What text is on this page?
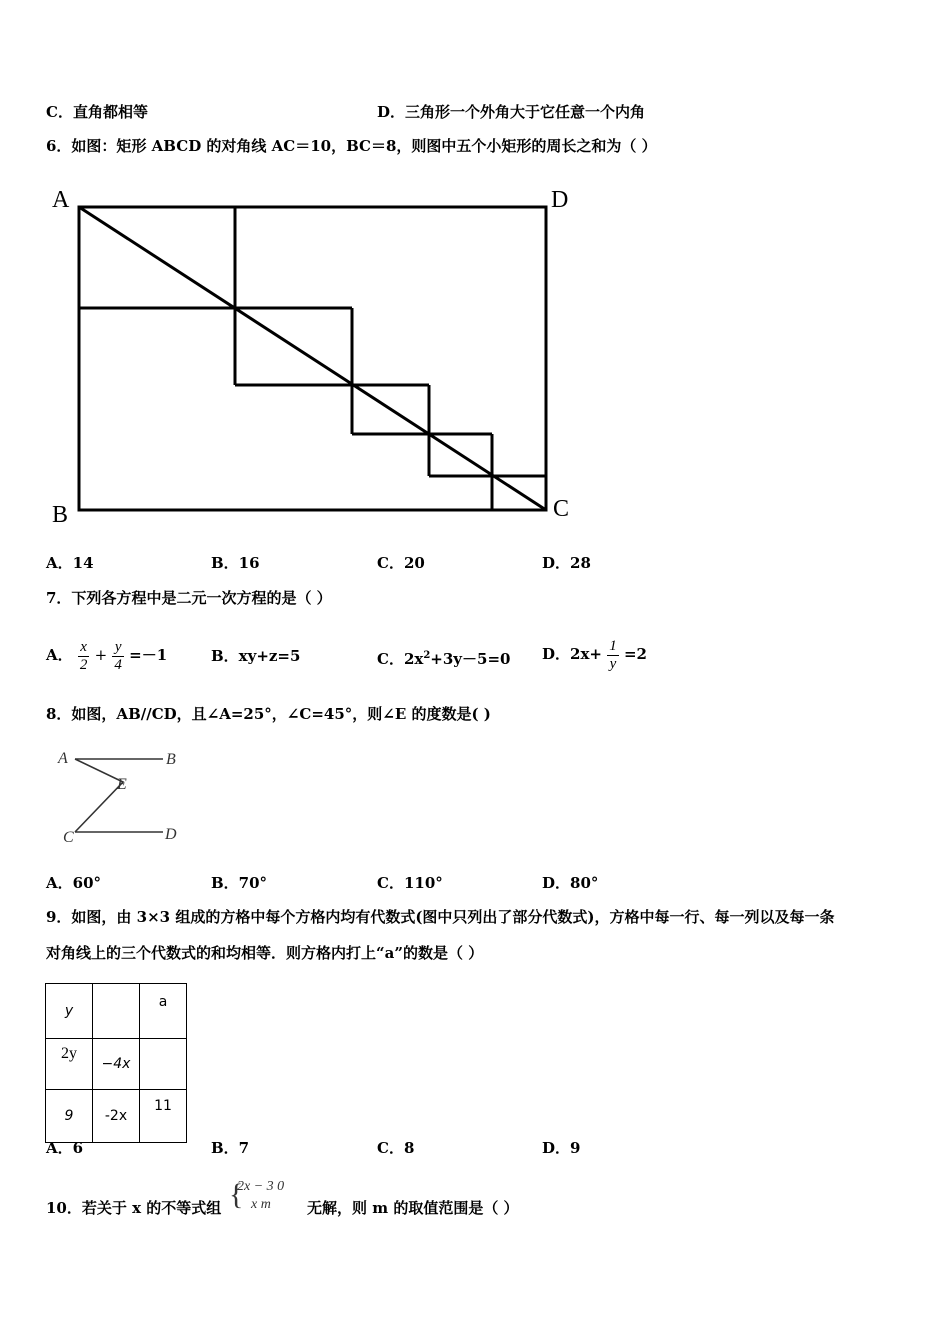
C．直角都相等	D．三角形一个外角大于它任意一个内角
6．如图：矩形 ABCD 的对角线 AC＝10，BC＝8，则图中五个小矩形的周长之和为（ ）
A	D
B	C
A．14	B．16	C．20	D．28
7．下列各方程中是二元一次方程的是（ ）
A． $\frac{x}{2} + \frac{y}{4} =-1$	B．xy+z=5	C．$2x^2+3y-5=0$ D．$2x+ \frac{1}{y} =2$
8．如图，AB//CD，且∠A=25°，∠C=45°，则∠E 的度数是( )
A	B
E
C	D
A．60°	B．70°	C．110°	D．80°
9．如图，由 3×3 组成的方格中每个方格内均有代数式(图中只列出了部分代数式)，方格中每一行、每一列以及每一条
对角线上的三个代数式的和均相等．则方格内打上“a”的数是（ ）
y		a
2y	−4x	
9	-2x	11
A．6	B．7	C．8	D．9
10．若关于 x 的不等式组 {
2x − 3 0
x m 无解，则 m 的取值范围是（ ）
